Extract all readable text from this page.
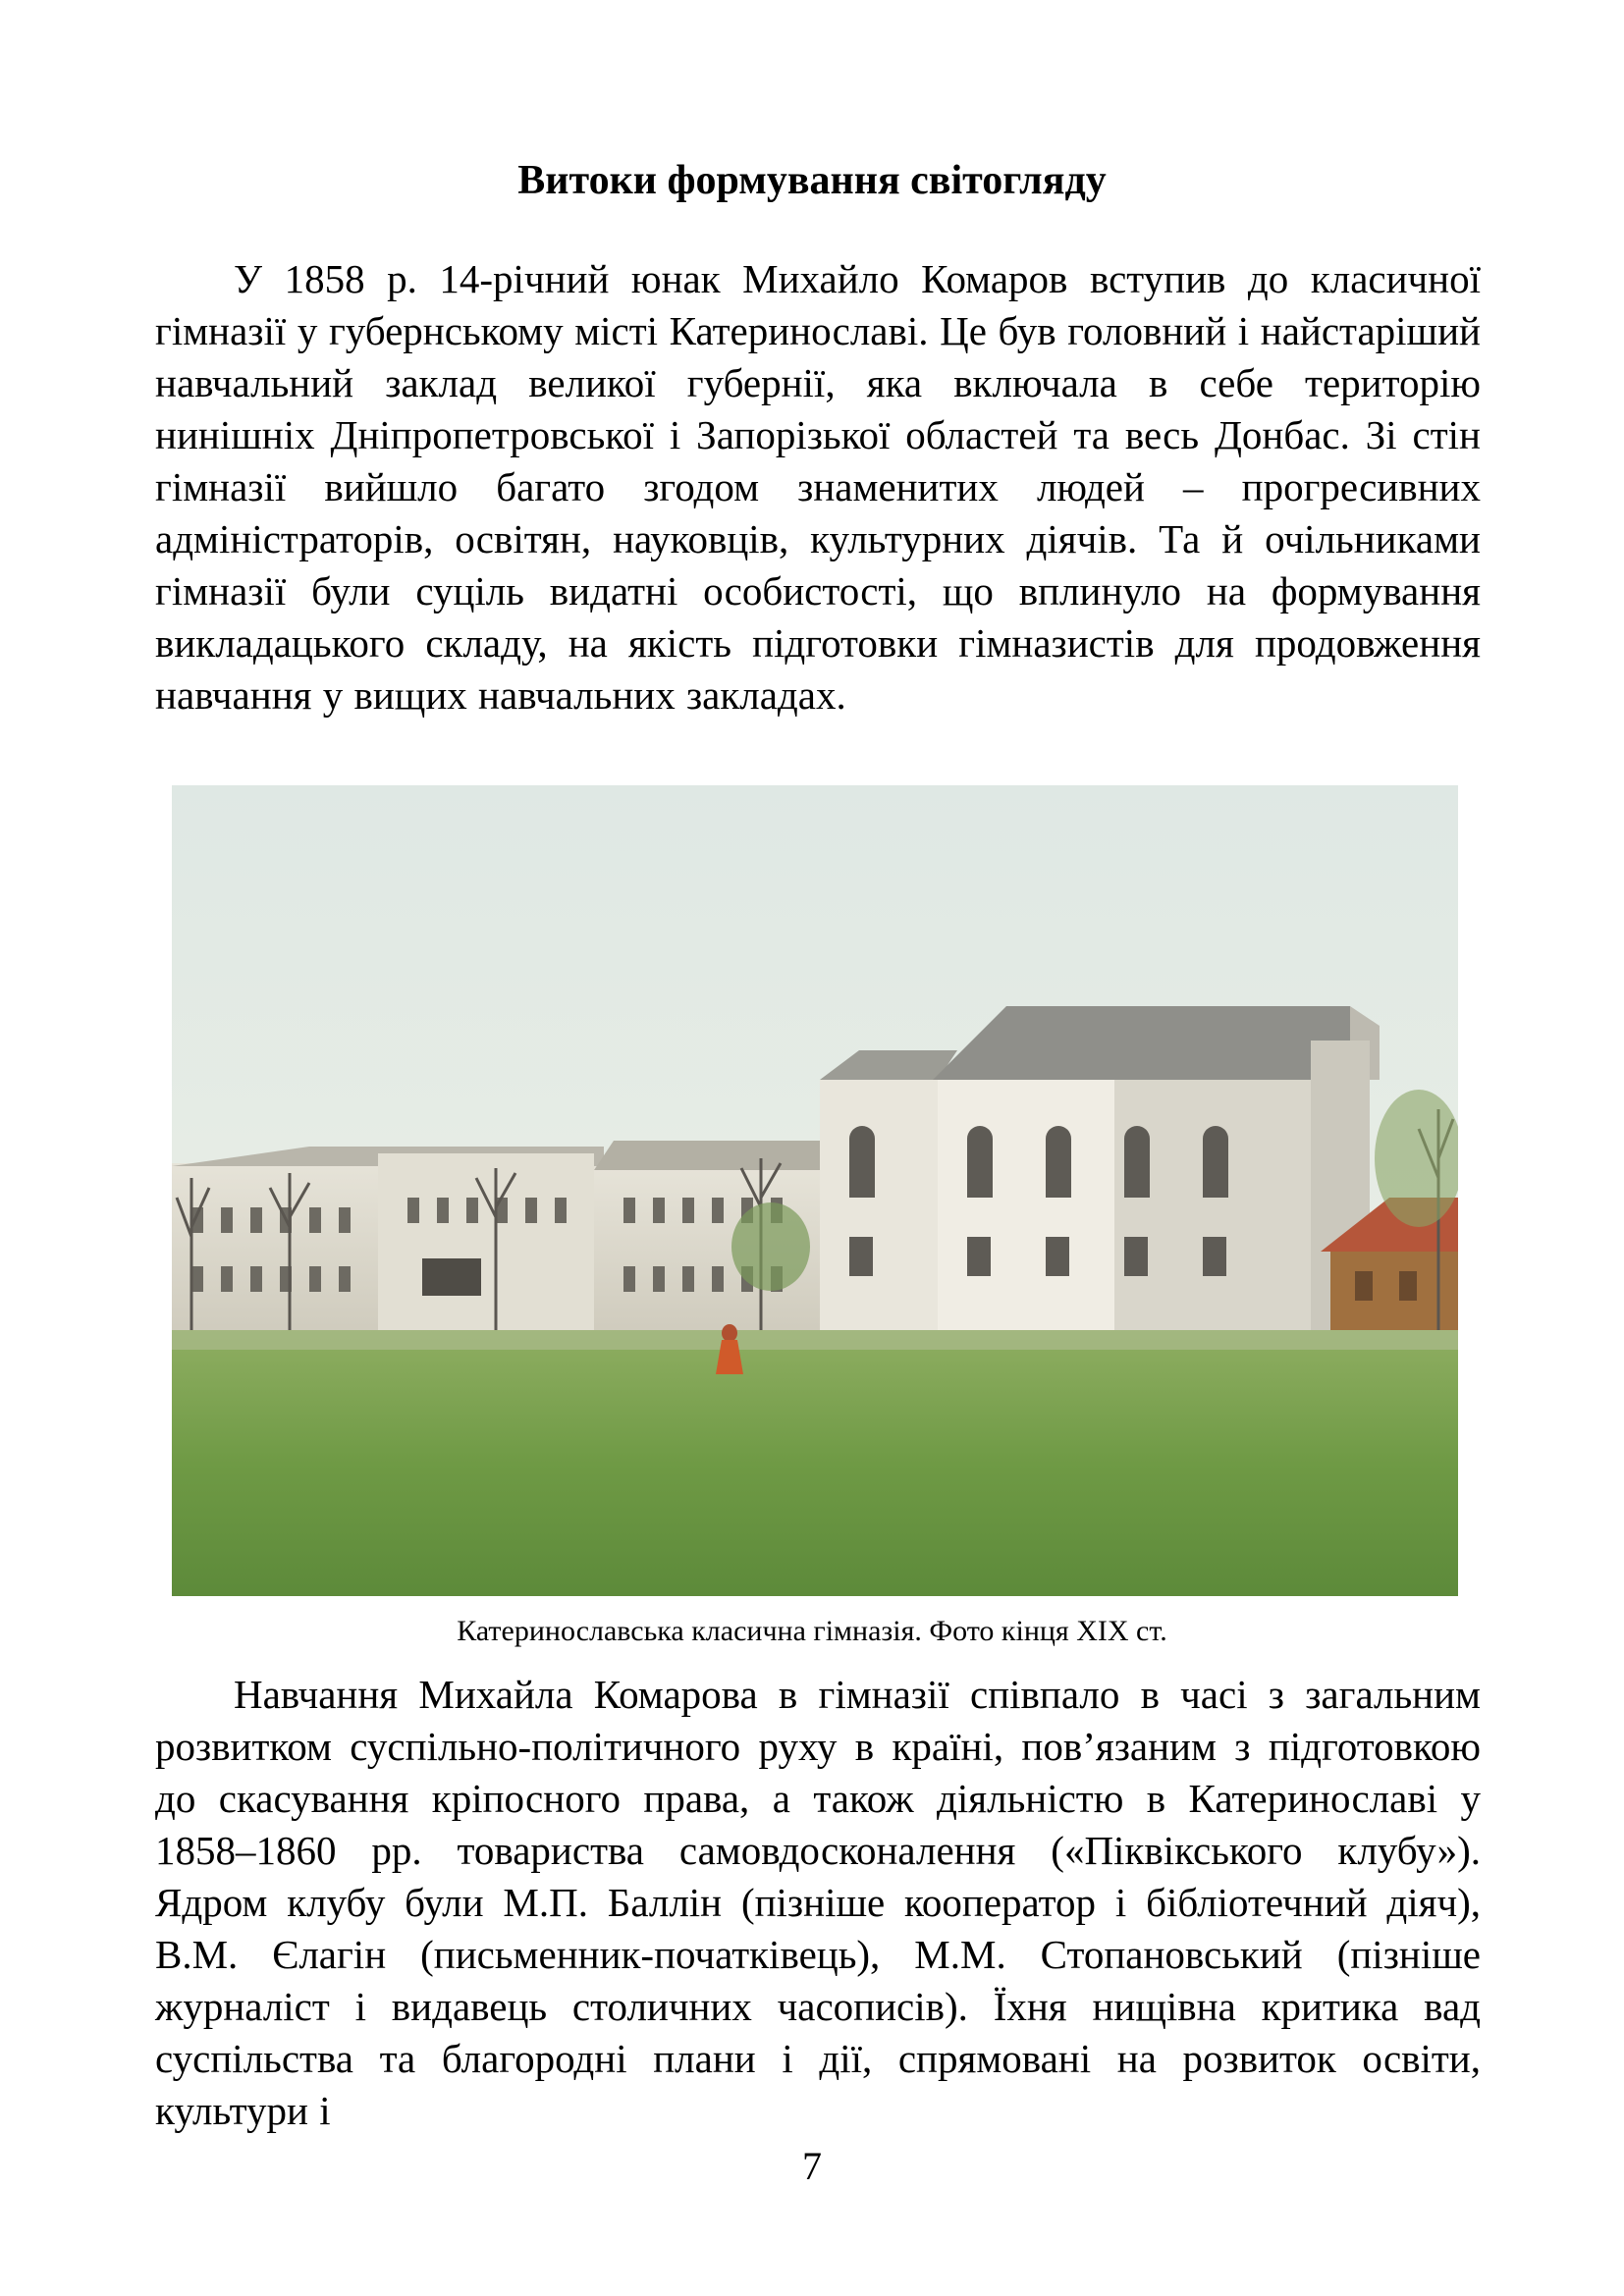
Витоки формування світогляду

У 1858 р. 14-річний юнак Михайло Комаров вступив до класичної гімназії у губернському місті Катеринославі. Це був головний і найстаріший навчальний заклад великої губернії, яка включала в себе територію нинішніх Дніпропетровської і Запорізької областей та весь Донбас. Зі стін гімназії вийшло багато згодом знаменитих людей – прогресивних адміністраторів, освітян, науковців, культурних діячів. Та й очільниками гімназії були суціль видатні особистості, що вплинуло на формування викладацького складу, на якість підготовки гімназистів для продовження навчання у вищих навчальних закладах.

Катеринославська класична гімназія. Фото кінця XIX ст.

Навчання Михайла Комарова в гімназії співпало в часі з загальним розвитком суспільно-політичного руху в країні, пов’язаним з підготовкою до скасування кріпосного права, а також діяльністю в Катеринославі у 1858–1860 рр. товариства самовдосконалення («Піквікського клубу»). Ядром клубу були М.П. Баллін (пізніше кооператор і бібліотечний діяч), В.М. Єлагін (письменник-початківець), М.М. Стопановський (пізніше журналіст і видавець столичних часописів). Їхня нищівна критика вад суспільства та благородні плани і дії, спрямовані на розвиток освіти, культури і

7
